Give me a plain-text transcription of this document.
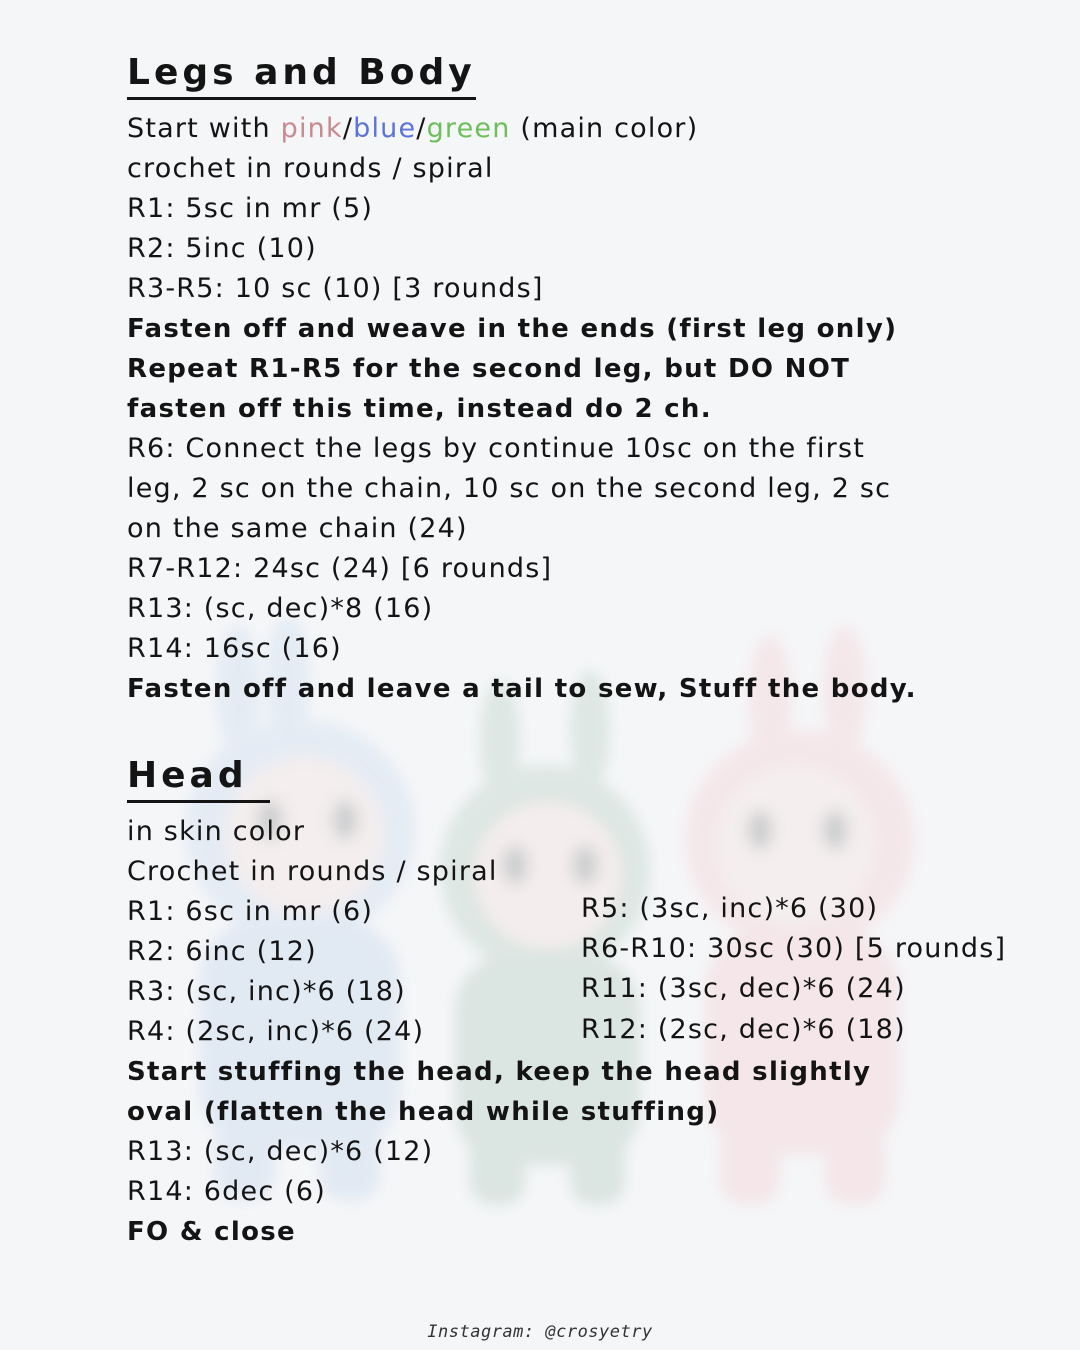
Legs and Body
Start with pink/blue/green (main color)
crochet in rounds / spiral
R1: 5sc in mr (5)
R2: 5inc (10)
R3-R5: 10 sc (10) [3 rounds]
Fasten off and weave in the ends (first leg only)
Repeat R1-R5 for the second leg, but DO NOT
fasten off this time, instead do 2 ch.
R6: Connect the legs by continue 10sc on the first
leg, 2 sc on the chain, 10 sc on the second leg, 2 sc
on the same chain (24)
R7-R12: 24sc (24) [6 rounds]
R13: (sc, dec)*8 (16)
R14: 16sc (16)
Fasten off and leave a tail to sew, Stuff the body.
Head
in skin color
Crochet in rounds / spiral
R1: 6sc in mr (6)
R2: 6inc (12)
R3: (sc, inc)*6 (18)
R4: (2sc, inc)*6 (24)
R5: (3sc, inc)*6 (30)
R6-R10: 30sc (30) [5 rounds]
R11: (3sc, dec)*6 (24)
R12: (2sc, dec)*6 (18)
Start stuffing the head, keep the head slightly
oval (flatten the head while stuffing)
R13: (sc, dec)*6 (12)
R14: 6dec (6)
FO & close
Instagram: @crosyetry
